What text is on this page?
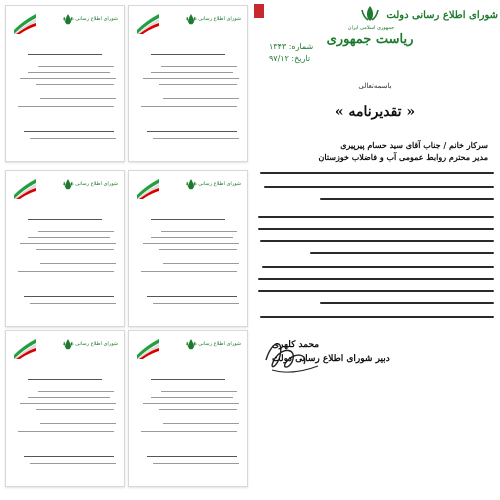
شورای اطلاع رسانی دولت	شورای اطلاع رسانی دولت
شورای اطلاع رسانی دولت	شورای اطلاع رسانی دولت
شورای اطلاع رسانی دولت	شورای اطلاع رسانی دولت
شماره: ۱۳۴۳
تاریخ: ۹۷/۱۲
جمهوری اسلامی ایران
ریاست جمهوری
شورای اطلاع رسانی دولت
باسمه‌تعالی
« تقدیرنامه »
سرکار خانم / جناب آقای سید حسام پیرپیری
مدیر محترم روابط عمومی آب و فاضلاب خوزستان
محمد کلهری
دبیر شورای اطلاع رسانی دولت
